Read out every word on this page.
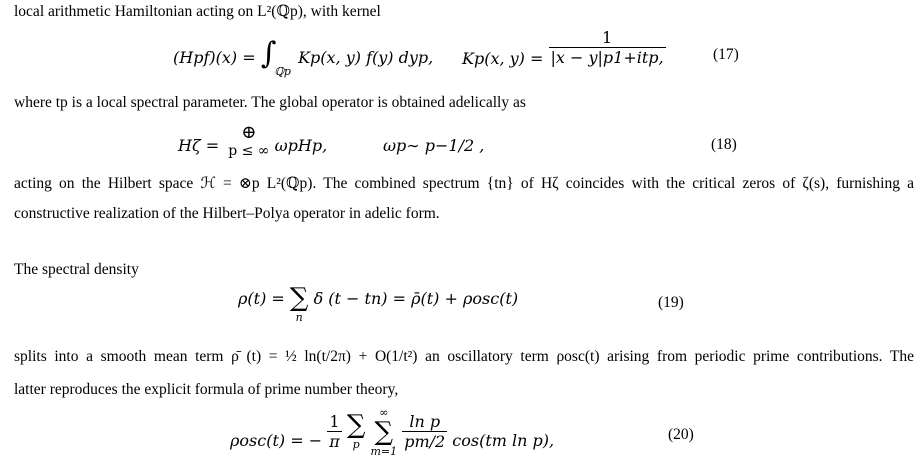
local arithmetic Hamiltonian acting on L²(ℚp), with kernel
$(Hpf)(x) = \int_{ℚp}$ Kp(x, y) f(y) dyp, Kp(x, $y) = \frac{1}{\text{|x − y|p1+itp,}}$	(17)
where tp is a local spectral parameter. The global operator is obtained adelically as
Hζ =
⊕
p ≤ ∞ ωpHp,	ωp∼ p−1/2 ,	(18)
acting on the Hilbert space ℋ = ⊗p L²(ℚp). The combined spectrum {tn} of Hζ coincides with the critical zeros of ζ(s), furnishing a
constructive realization of the Hilbert–Polya operator in adelic form.
The spectral density
ρ(t) = ∑
n
δ (t − tn) = ρ̄(t) + ρosc(t)	(19)
splits into a smooth mean term ρ̄ (t) = ½ ln(t/2π) + O(1/t²) an oscillatory term ρosc(t) arising from periodic prime contributions. The
latter reproduces the explicit formula of prime number theory,
ρosc(t) = − $\frac{1}{\pi}$
∑
p

∞
∑
m=1

$\frac{\text{ln p}}{pm/2} \cos(tm$ ln p),	(20)
